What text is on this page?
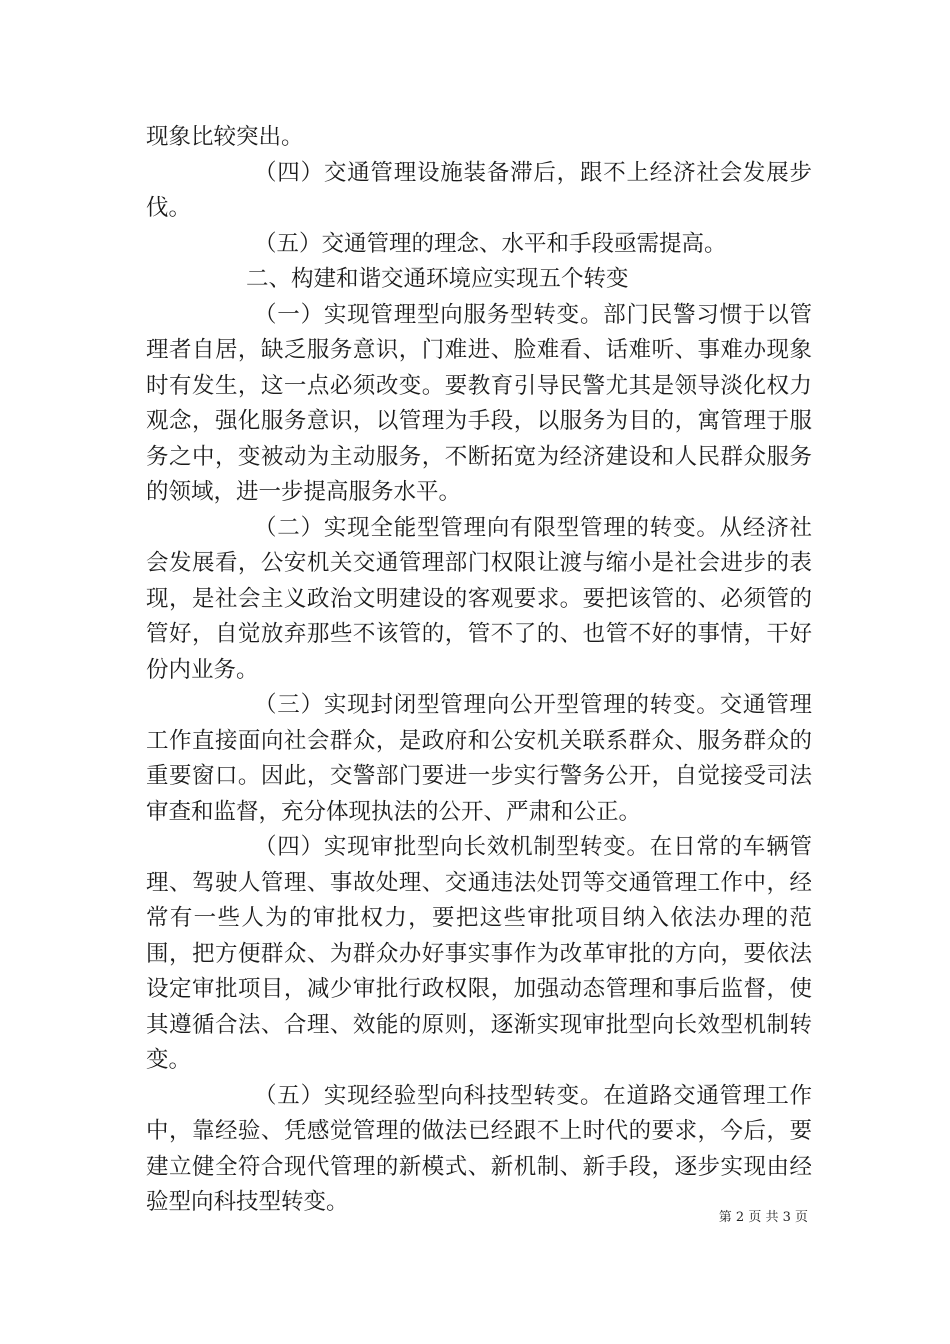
现象比较突出。

（四）交通管理设施装备滞后，跟不上经济社会发展步伐。

（五）交通管理的理念、水平和手段亟需提高。

二、构建和谐交通环境应实现五个转变

（一）实现管理型向服务型转变。部门民警习惯于以管理者自居，缺乏服务意识，门难进、脸难看、话难听、事难办现象时有发生，这一点必须改变。要教育引导民警尤其是领导淡化权力观念，强化服务意识，以管理为手段，以服务为目的，寓管理于服务之中，变被动为主动服务，不断拓宽为经济建设和人民群众服务的领域，进一步提高服务水平。

（二）实现全能型管理向有限型管理的转变。从经济社会发展看，公安机关交通管理部门权限让渡与缩小是社会进步的表现，是社会主义政治文明建设的客观要求。要把该管的、必须管的管好，自觉放弃那些不该管的，管不了的、也管不好的事情，干好份内业务。

（三）实现封闭型管理向公开型管理的转变。交通管理工作直接面向社会群众，是政府和公安机关联系群众、服务群众的重要窗口。因此，交警部门要进一步实行警务公开，自觉接受司法审查和监督，充分体现执法的公开、严肃和公正。

（四）实现审批型向长效机制型转变。在日常的车辆管理、驾驶人管理、事故处理、交通违法处罚等交通管理工作中，经常有一些人为的审批权力，要把这些审批项目纳入依法办理的范围，把方便群众、为群众办好事实事作为改革审批的方向，要依法设定审批项目，减少审批行政权限，加强动态管理和事后监督，使其遵循合法、合理、效能的原则，逐渐实现审批型向长效型机制转变。

（五）实现经验型向科技型转变。在道路交通管理工作中，靠经验、凭感觉管理的做法已经跟不上时代的要求，今后，要建立健全符合现代管理的新模式、新机制、新手段，逐步实现由经验型向科技型转变。

第 2 页 共 3 页
